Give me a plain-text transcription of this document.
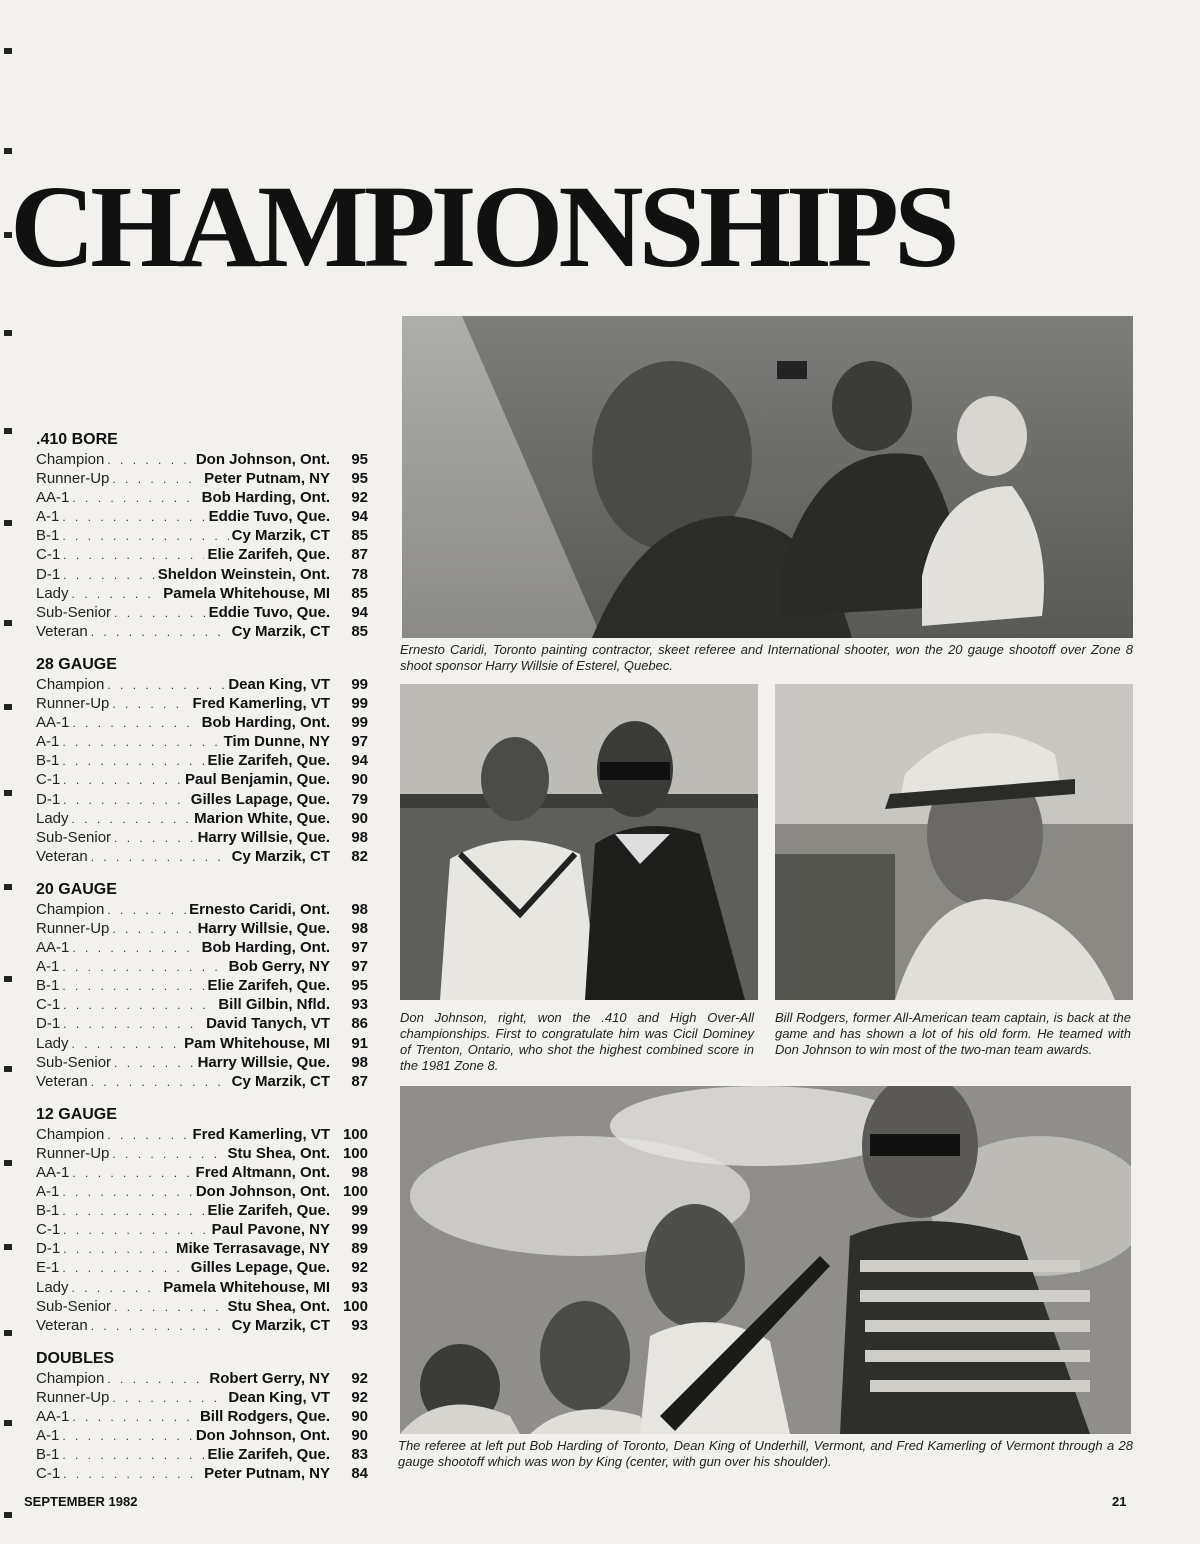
CHAMPIONSHIPS
.410 BORE
Champion . . .	Don Johnson, Ont.	95
Runner-Up . . .	Peter Putnam, NY	95
AA-1 . . .	Bob Harding, Ont.	92
A-1 . . .	Eddie Tuvo, Que.	94
B-1 . . .	Cy Marzik, CT	85
C-1 . . .	Elie Zarifeh, Que.	87
D-1 . . .	Sheldon Weinstein, Ont.	78
Lady . . .	Pamela Whitehouse, MI	85
Sub-Senior . . .	Eddie Tuvo, Que.	94
Veteran . . .	Cy Marzik, CT	85
28 GAUGE
Champion . . .	Dean King, VT	99
Runner-Up . . .	Fred Kamerling, VT	99
AA-1 . . .	Bob Harding, Ont.	99
A-1 . . .	Tim Dunne, NY	97
B-1 . . .	Elie Zarifeh, Que.	94
C-1 . . .	Paul Benjamin, Que.	90
D-1 . . .	Gilles Lapage, Que.	79
Lady . . .	Marion White, Que.	90
Sub-Senior . . .	Harry Willsie, Que.	98
Veteran . . .	Cy Marzik, CT	82
20 GAUGE
Champion . . .	Ernesto Caridi, Ont.	98
Runner-Up . . .	Harry Willsie, Que.	98
AA-1 . . .	Bob Harding, Ont.	97
A-1 . . .	Bob Gerry, NY	97
B-1 . . .	Elie Zarifeh, Que.	95
C-1 . . .	Bill Gilbin, Nfld.	93
D-1 . . .	David Tanych, VT	86
Lady . . .	Pam Whitehouse, MI	91
Sub-Senior . . .	Harry Willsie, Que.	98
Veteran . . .	Cy Marzik, CT	87
12 GAUGE
Champion . . .	Fred Kamerling, VT 100
Runner-Up . . .	Stu Shea, Ont. 100
AA-1 . . .	Fred Altmann, Ont.	98
A-1 . . .	Don Johnson, Ont. 100
B-1 . . .	Elie Zarifeh, Que.	99
C-1 . . .	Paul Pavone, NY	99
D-1 . . .	Mike Terrasavage, NY	89
E-1 . . .	Gilles Lepage, Que.	92
Lady . . .	Pamela Whitehouse, MI	93
Sub-Senior . . .	Stu Shea, Ont. 100
Veteran . . .	Cy Marzik, CT	93
DOUBLES
Champion . . .	Robert Gerry, NY	92
Runner-Up . . .	Dean King, VT	92
AA-1 . . .	Bill Rodgers, Que.	90
A-1 . . .	Don Johnson, Ont.	90
B-1 . . .	Elie Zarifeh, Que.	83
C-1 . . .	Peter Putnam, NY	84

Ernesto Caridi, Toronto painting contractor, skeet referee and International shooter, won the 20 gauge shootoff over Zone 8 shoot sponsor Harry Willsie of Esterel, Quebec.

Don Johnson, right, won the .410 and High Over-All championships. First to congratulate him was Cicil Dominey of Trenton, Ontario, who shot the highest combined score in the 1981 Zone 8.

Bill Rodgers, former All-American team captain, is back at the game and has shown a lot of his old form. He teamed with Don Johnson to win most of the two-man team awards.

The referee at left put Bob Harding of Toronto, Dean King of Underhill, Vermont, and Fred Kamerling of Vermont through a 28 gauge shootoff which was won by King (center, with gun over his shoulder).

SEPTEMBER 1982	21
